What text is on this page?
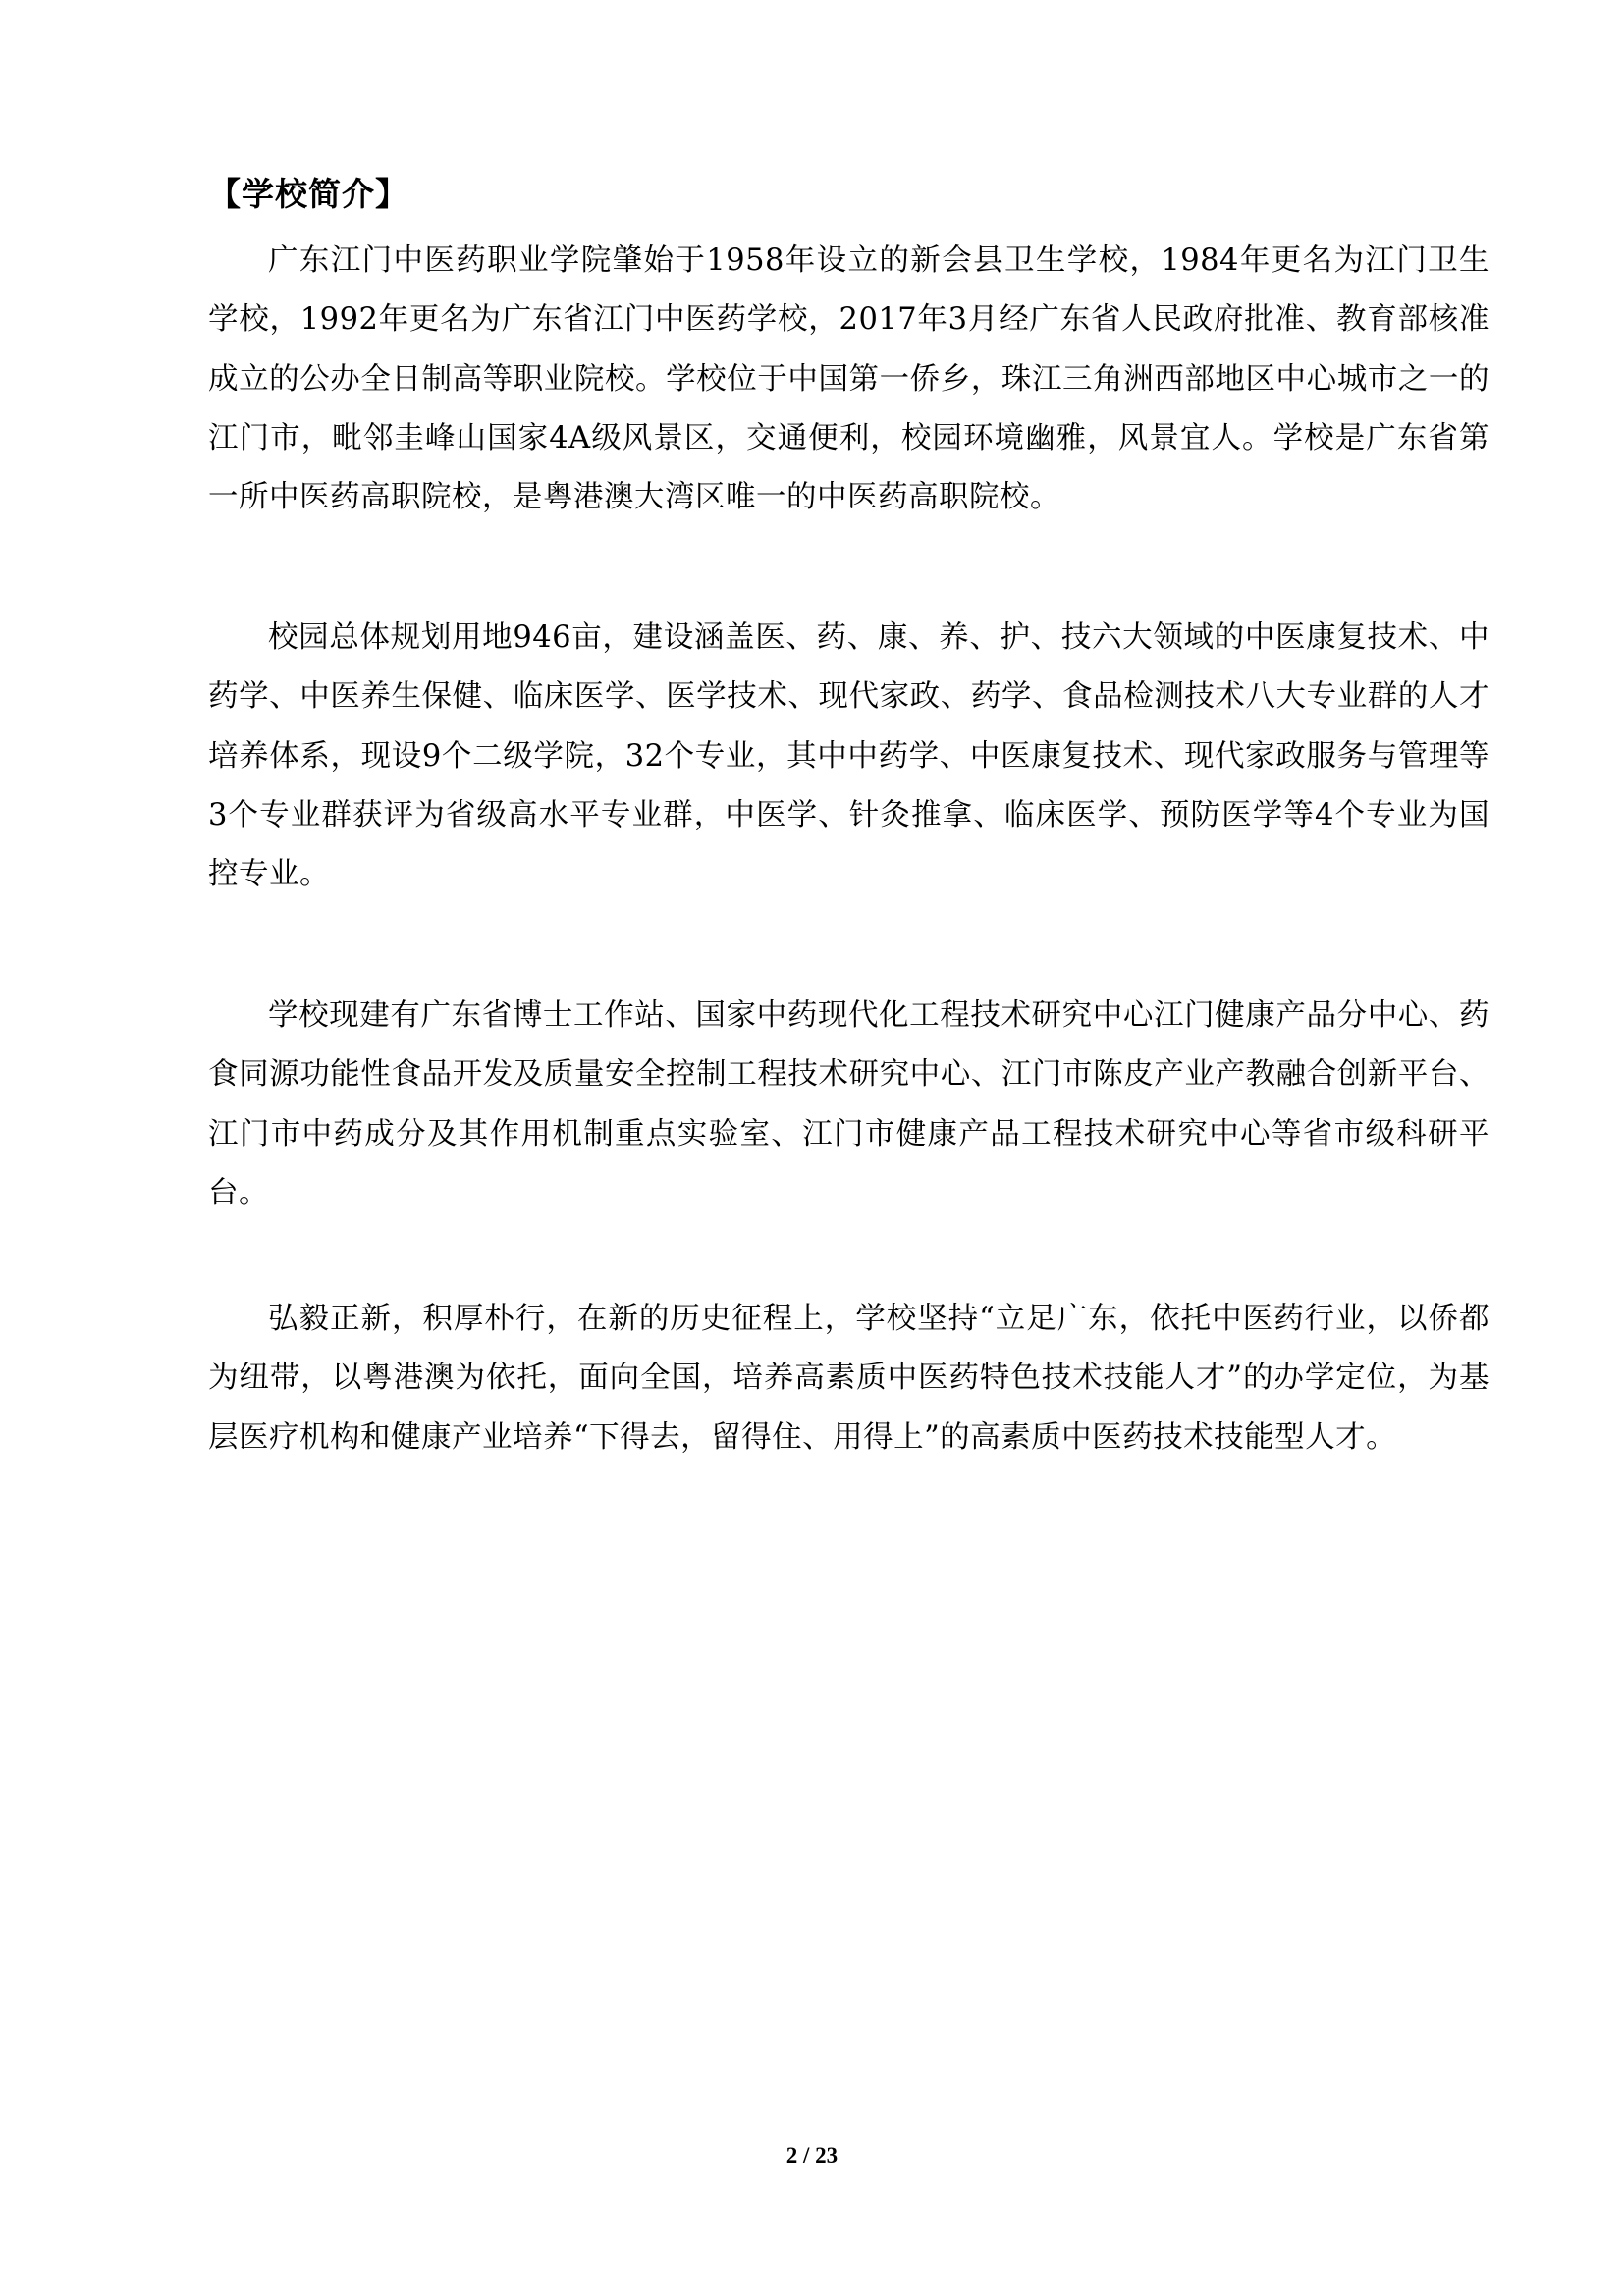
【学校简介】

广东江门中医药职业学院肇始于1958年设立的新会县卫生学校，1984年更名为江门卫生学校，1992年更名为广东省江门中医药学校，2017年3月经广东省人民政府批准、教育部核准成立的公办全日制高等职业院校。学校位于中国第一侨乡，珠江三角洲西部地区中心城市之一的江门市，毗邻圭峰山国家4A级风景区，交通便利，校园环境幽雅，风景宜人。学校是广东省第一所中医药高职院校，是粤港澳大湾区唯一的中医药高职院校。

校园总体规划用地946亩，建设涵盖医、药、康、养、护、技六大领域的中医康复技术、中药学、中医养生保健、临床医学、医学技术、现代家政、药学、食品检测技术八大专业群的人才培养体系，现设9个二级学院，32个专业，其中中药学、中医康复技术、现代家政服务与管理等3个专业群获评为省级高水平专业群，中医学、针灸推拿、临床医学、预防医学等4个专业为国控专业。

学校现建有广东省博士工作站、国家中药现代化工程技术研究中心江门健康产品分中心、药食同源功能性食品开发及质量安全控制工程技术研究中心、江门市陈皮产业产教融合创新平台、江门市中药成分及其作用机制重点实验室、江门市健康产品工程技术研究中心等省市级科研平台。

弘毅正新，积厚朴行，在新的历史征程上，学校坚持“立足广东，依托中医药行业，以侨都为纽带，以粤港澳为依托，面向全国，培养高素质中医药特色技术技能人才”的办学定位，为基层医疗机构和健康产业培养“下得去，留得住、用得上”的高素质中医药技术技能型人才。

2 / 23
